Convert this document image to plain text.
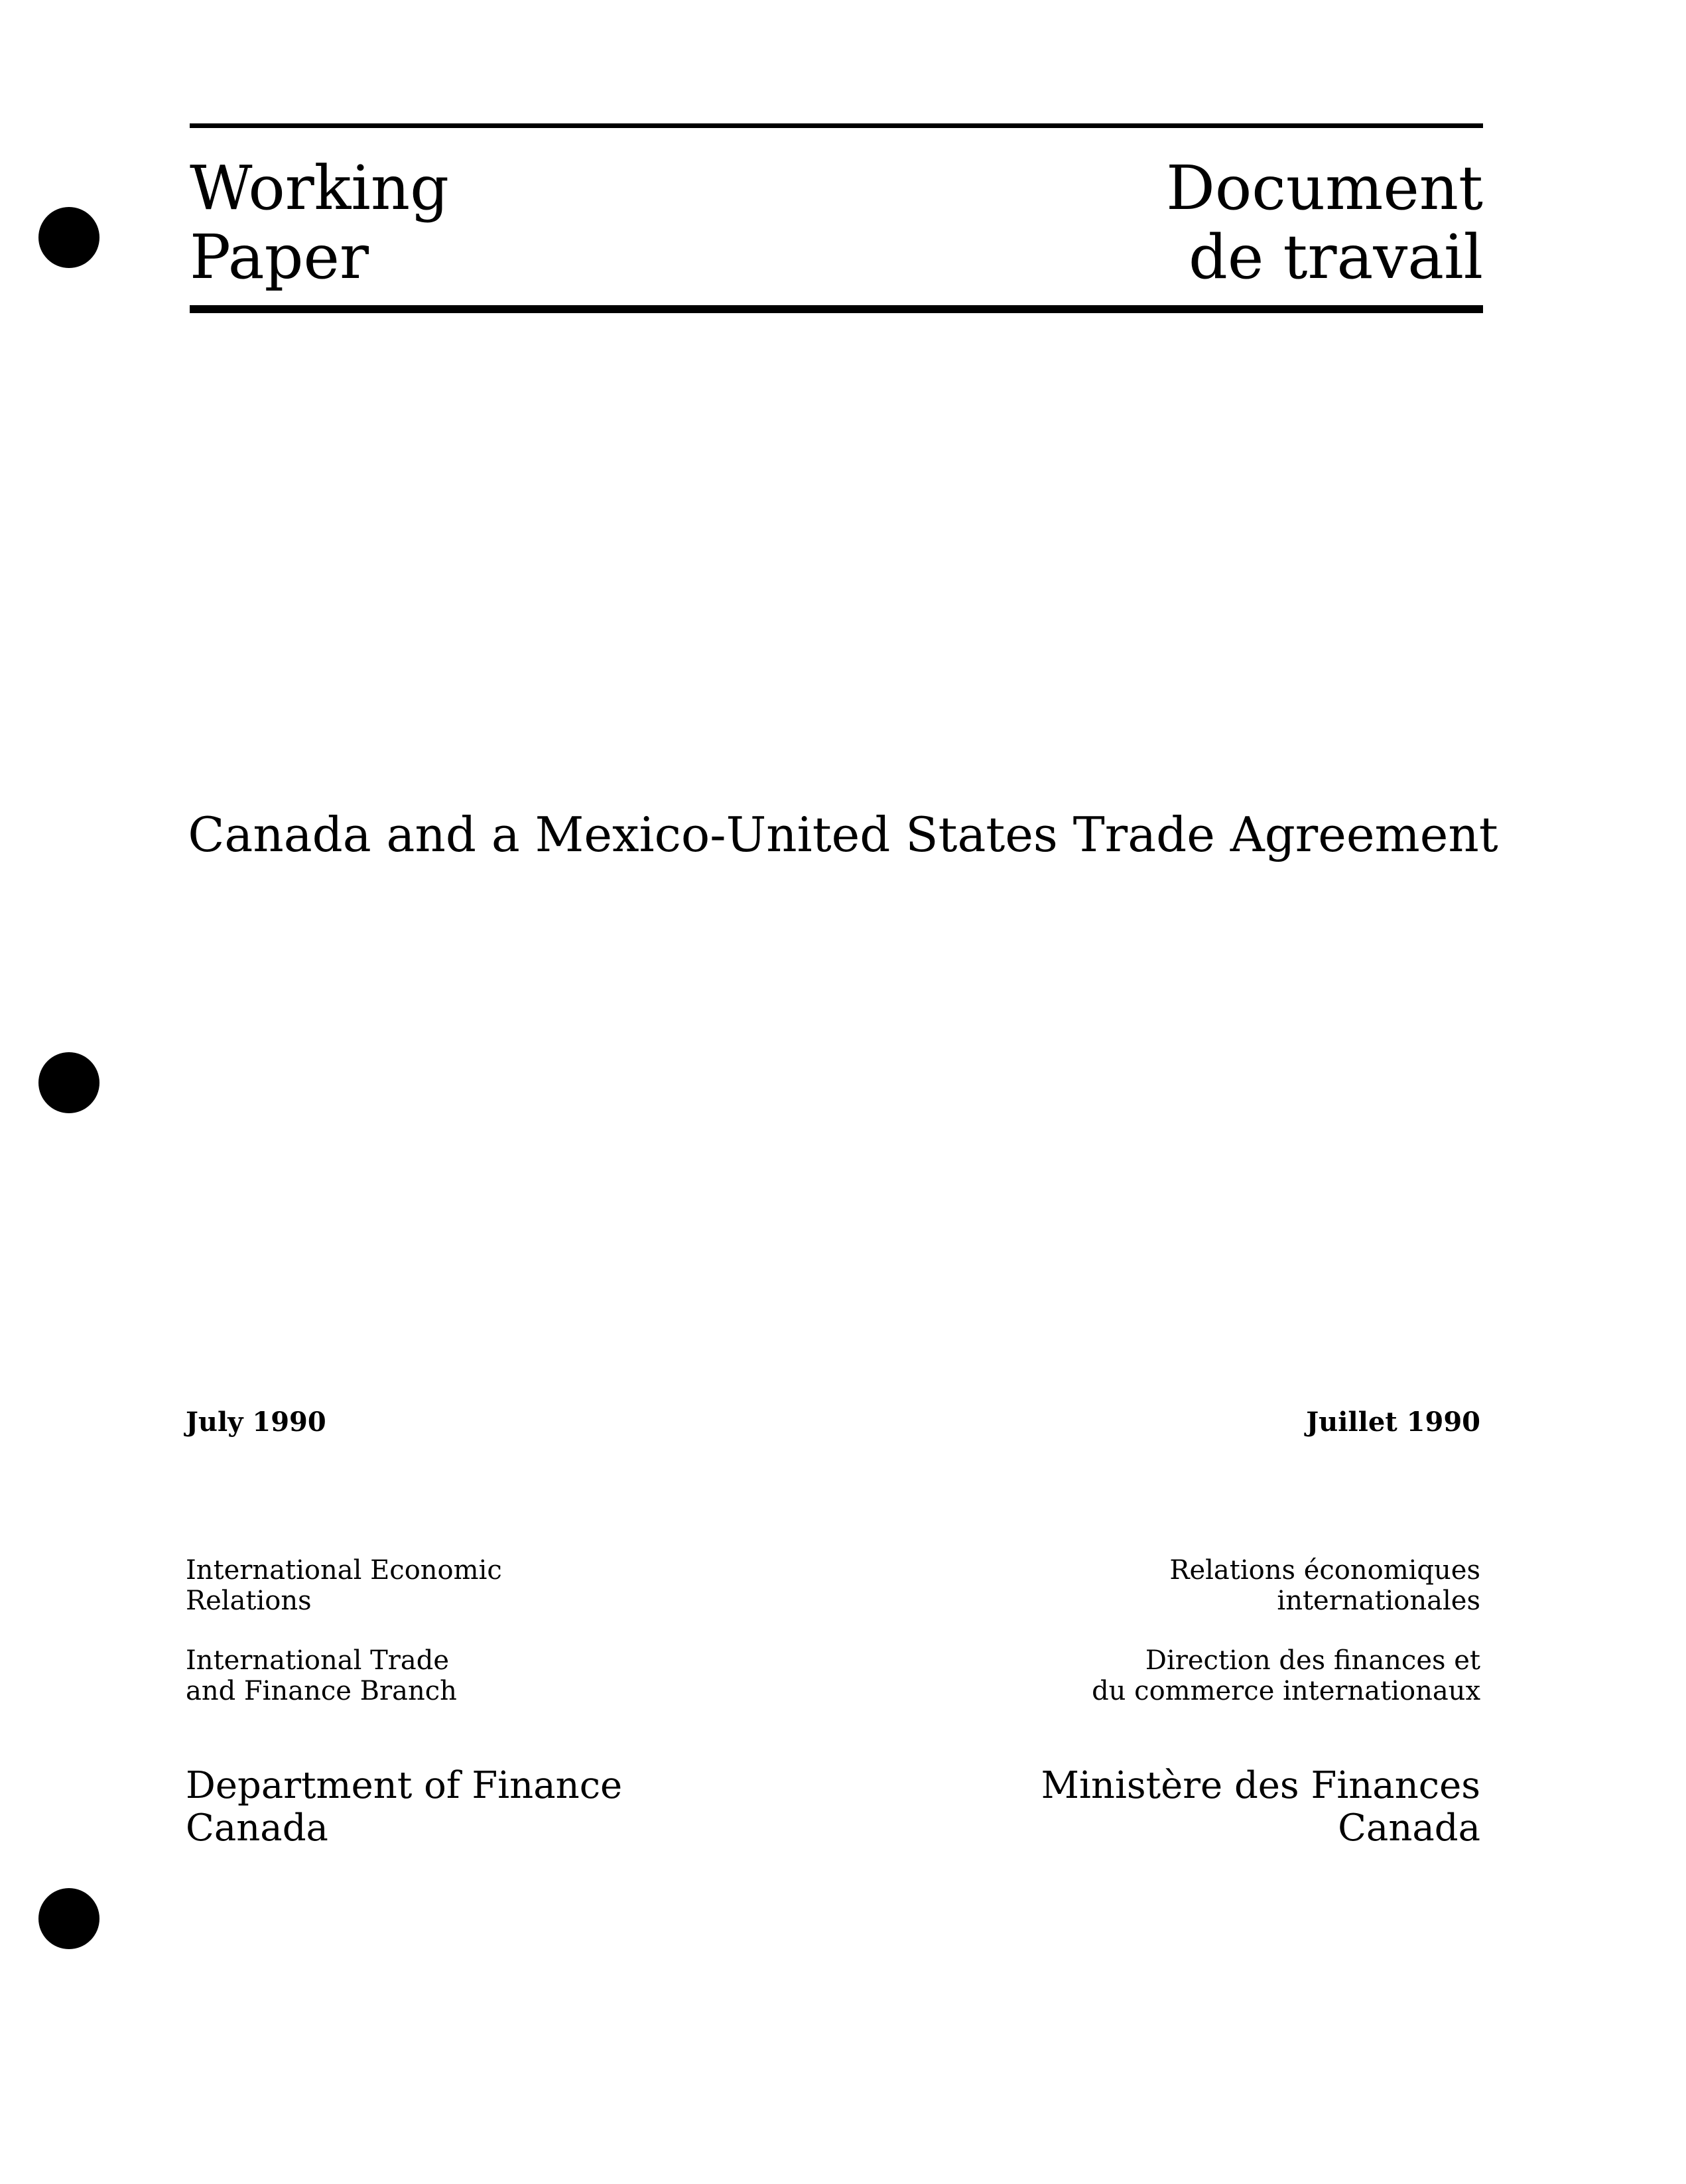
Working
Paper
Document
de travail
Canada and a Mexico-United States Trade Agreement
July 1990	Juillet 1990
International Economic
Relations
Relations économiques
internationales
International Trade
and Finance Branch
Direction des finances et
du commerce internationaux
Department of Finance
Canada
Ministère des Finances
Canada
